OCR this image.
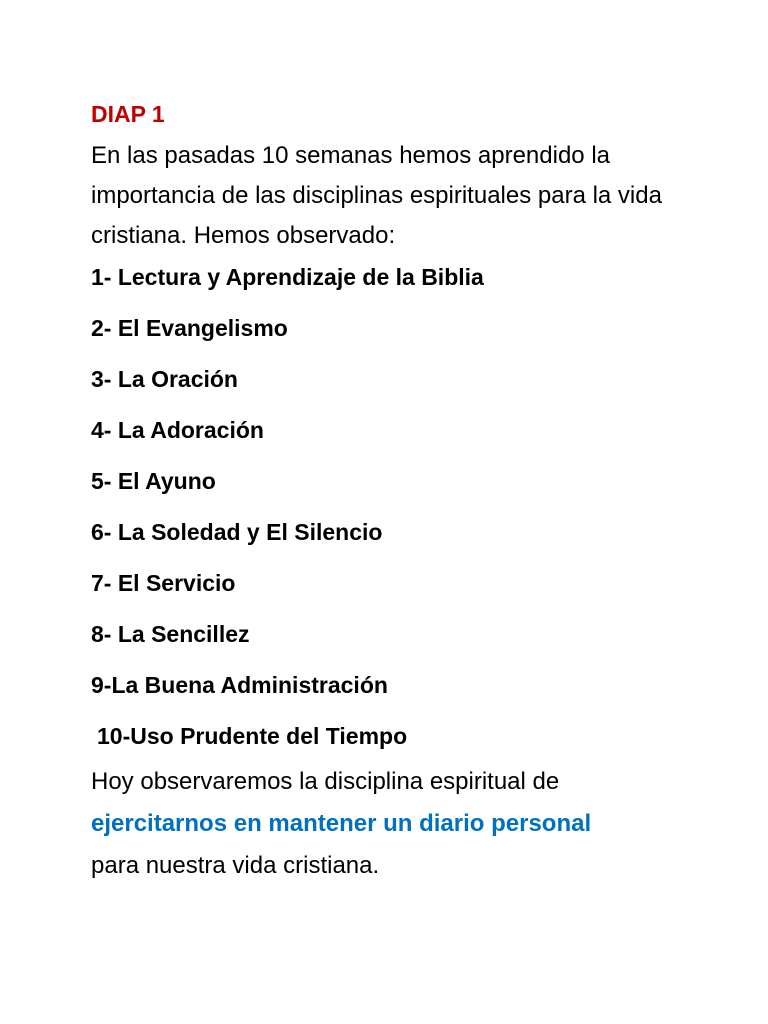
DIAP 1

En las pasadas 10 semanas hemos aprendido la importancia de las disciplinas espirituales para la vida cristiana. Hemos observado:

1- Lectura y Aprendizaje de la Biblia
2- El Evangelismo
3- La Oración
4- La Adoración
5- El Ayuno
6- La Soledad y El Silencio
7- El Servicio
8- La Sencillez
9-La Buena Administración
10-Uso Prudente del Tiempo

Hoy observaremos la disciplina espiritual de
ejercitarnos en mantener un diario personal
para nuestra vida cristiana.
